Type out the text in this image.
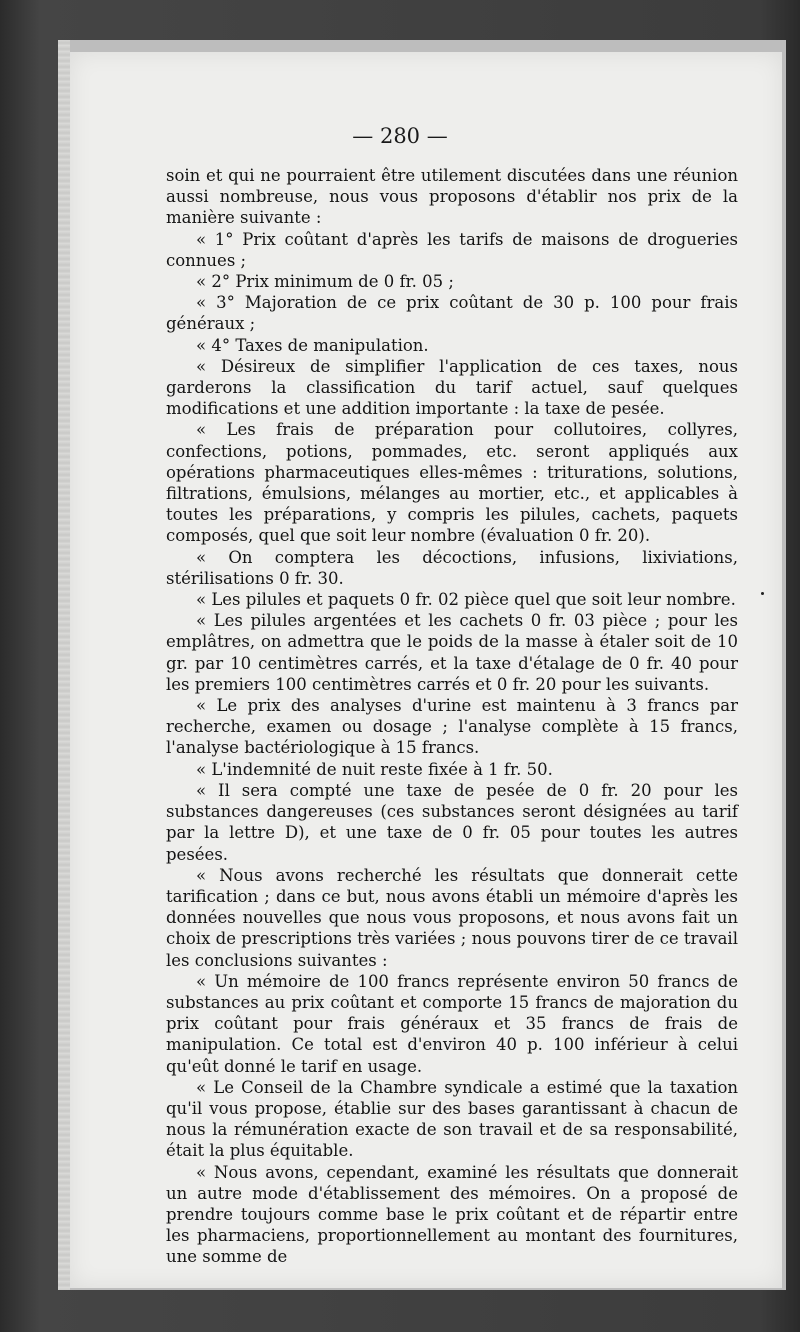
— 280 —

soin et qui ne pourraient être utilement discutées dans une réunion aussi nombreuse, nous vous proposons d'établir nos prix de la manière suivante :

« 1° Prix coûtant d'après les tarifs de maisons de drogueries connues ;

« 2° Prix minimum de 0 fr. 05 ;

« 3° Majoration de ce prix coûtant de 30 p. 100 pour frais généraux ;

« 4° Taxes de manipulation.

« Désireux de simplifier l'application de ces taxes, nous garderons la classification du tarif actuel, sauf quelques modifications et une addition importante : la taxe de pesée.

« Les frais de préparation pour collutoires, collyres, confections, potions, pommades, etc. seront appliqués aux opérations pharmaceutiques elles-mêmes : triturations, solutions, filtrations, émulsions, mélanges au mortier, etc., et applicables à toutes les préparations, y compris les pilules, cachets, paquets composés, quel que soit leur nombre (évaluation 0 fr. 20).

« On comptera les décoctions, infusions, lixiviations, stérilisations 0 fr. 30.

« Les pilules et paquets 0 fr. 02 pièce quel que soit leur nombre.

« Les pilules argentées et les cachets 0 fr. 03 pièce ; pour les emplâtres, on admettra que le poids de la masse à étaler soit de 10 gr. par 10 centimètres carrés, et la taxe d'étalage de 0 fr. 40 pour les premiers 100 centimètres carrés et 0 fr. 20 pour les suivants.

« Le prix des analyses d'urine est maintenu à 3 francs par recherche, examen ou dosage ; l'analyse complète à 15 francs, l'analyse bactériologique à 15 francs.

« L'indemnité de nuit reste fixée à 1 fr. 50.

« Il sera compté une taxe de pesée de 0 fr. 20 pour les substances dangereuses (ces substances seront désignées au tarif par la lettre D), et une taxe de 0 fr. 05 pour toutes les autres pesées.

« Nous avons recherché les résultats que donnerait cette tarification ; dans ce but, nous avons établi un mémoire d'après les données nouvelles que nous vous proposons, et nous avons fait un choix de prescriptions très variées ; nous pouvons tirer de ce travail les conclusions suivantes :

« Un mémoire de 100 francs représente environ 50 francs de substances au prix coûtant et comporte 15 francs de majoration du prix coûtant pour frais généraux et 35 francs de frais de manipulation. Ce total est d'environ 40 p. 100 inférieur à celui qu'eût donné le tarif en usage.

« Le Conseil de la Chambre syndicale a estimé que la taxation qu'il vous propose, établie sur des bases garantissant à chacun de nous la rémunération exacte de son travail et de sa responsabilité, était la plus équitable.

« Nous avons, cependant, examiné les résultats que donnerait un autre mode d'établissement des mémoires. On a proposé de prendre toujours comme base le prix coûtant et de répartir entre les pharmaciens, proportionnellement au montant des fournitures, une somme de
